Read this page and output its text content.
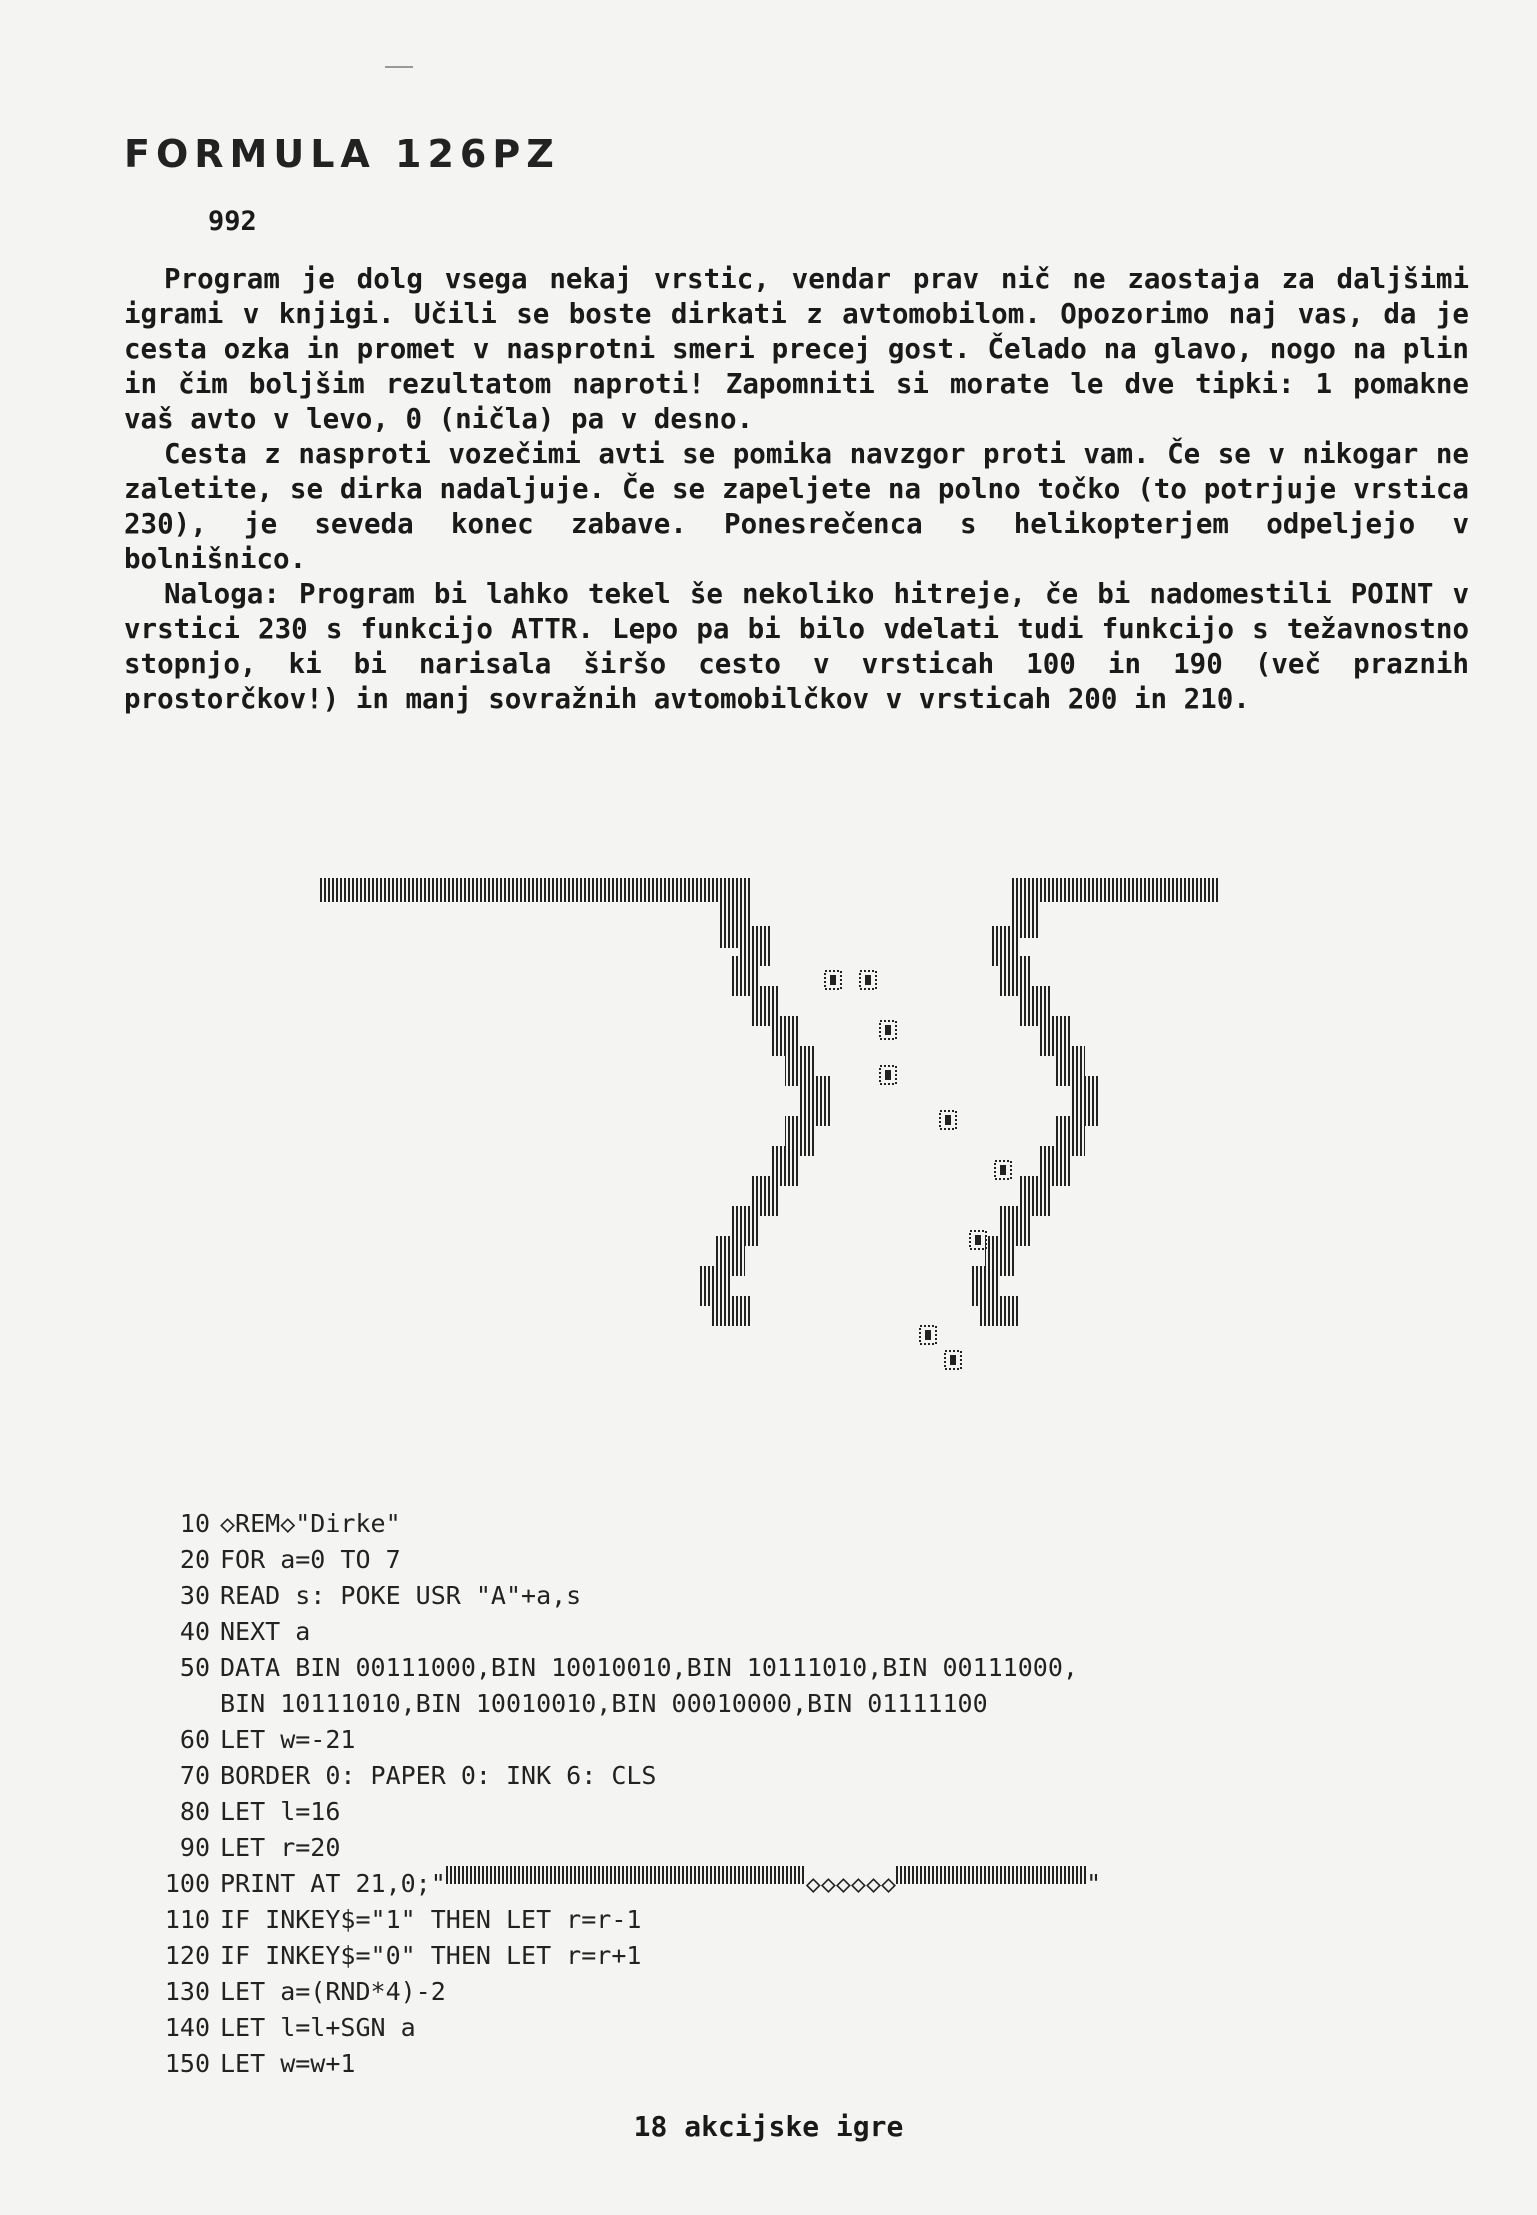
FORMULA 126PZ
992

Program je dolg vsega nekaj vrstic, vendar prav nič ne zaostaja za daljšimi igrami v knjigi. Učili se boste dirkati z avtomobilom. Opozorimo naj vas, da je cesta ozka in promet v nasprotni smeri precej gost. Čelado na glavo, nogo na plin in čim boljšim rezultatom naproti! Zapomniti si morate le dve tipki: 1 pomakne vaš avto v levo, 0 (ničla) pa v desno.

Cesta z nasproti vozečimi avti se pomika navzgor proti vam. Če se v nikogar ne zaletite, se dirka nadaljuje. Če se zapeljete na polno točko (to potrjuje vrstica 230), je seveda konec zabave. Ponesrečenca s helikopterjem odpeljejo v bolnišnico.

Naloga: Program bi lahko tekel še nekoliko hitreje, če bi nadomestili POINT v vrstici 230 s funkcijo ATTR. Lepo pa bi bilo vdelati tudi funkcijo s težavnostno stopnjo, ki bi narisala širšo cesto v vrsticah 100 in 190 (več praznih prostorčkov!) in manj sovražnih avtomobilčkov v vrsticah 200 in 210.

10 ◇REM◇"Dirke"
20 FOR a=0 TO 7
30 READ s: POKE USR "A"+a,s
40 NEXT a
50 DATA BIN 00111000,BIN 10010010,BIN 10111010,BIN 00111000,
BIN 10111010,BIN 10010010,BIN 00010000,BIN 01111100
60 LET w=-21
70 BORDER 0: PAPER 0: INK 6: CLS
80 LET l=16
90 LET r=20
100 PRINT AT 21,0;"	◇◇◇◇◇◇	"
110 IF INKEY$="1" THEN LET r=r-1
120 IF INKEY$="0" THEN LET r=r+1
130 LET a=(RND*4)-2
140 LET l=l+SGN a
150 LET w=w+1
18 akcijske igre
